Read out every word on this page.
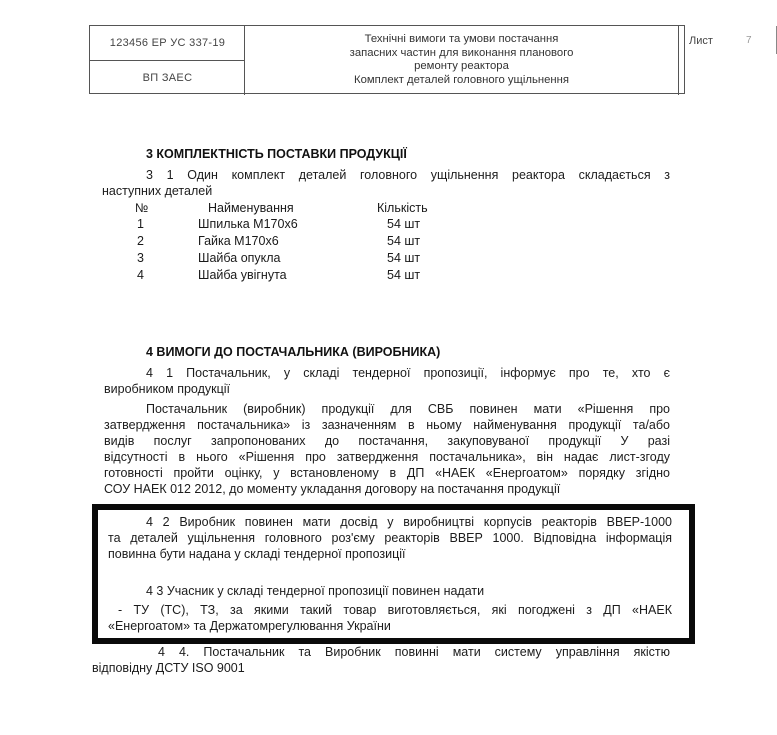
123456 ЕР УС 337-19
ВП ЗАЕС
Технічні вимоги та умови постачання
запасних частин для виконання планового
ремонту реактора
Комплект деталей головного ущільнення
Лист	7
3 КОМПЛЕКТНІСТЬ ПОСТАВКИ ПРОДУКЦІЇ
3 1 Один комплект деталей головного ущільнення реактора складається з
наступних деталей
№	Найменування	Кількість
1	Шпилька М170х6	54 шт
2	Гайка М170х6	54 шт
3	Шайба опукла	54 шт
4	Шайба увігнута	54 шт
4 ВИМОГИ ДО ПОСТАЧАЛЬНИКА (ВИРОБНИКА)
4 1 Постачальник, у складі тендерної пропозиції, інформує про те, хто є
виробником продукції
Постачальник (виробник) продукції для СВБ повинен мати «Рішення про
затвердження постачальника» із зазначенням в ньому найменування продукції та/або
видів послуг запропонованих до постачання, закуповуваної продукції У разі
відсутності в нього «Рішення про затвердження постачальника», він надає лист-згоду
готовності пройти оцінку, у встановленому в ДП «НАЕК «Енергоатом» порядку згідно
СОУ НАЕК 012 2012, до моменту укладання договору на постачання продукції
4 2 Виробник повинен мати досвід у виробництві корпусів реакторів ВВЕР-1000
та деталей ущільнення головного роз'єму реакторів ВВЕР 1000. Відповідна інформація
повинна бути надана у складі тендерної пропозиції
4 3 Учасник у складі тендерної пропозиції повинен надати
- ТУ (ТС), ТЗ, за якими такий товар виготовляється, які погоджені з ДП «НАЕК
«Енергоатом» та Держатомрегулювання України
4 4. Постачальник та Виробник повинні мати систему управління якістю
відповідну ДСТУ ISO 9001
